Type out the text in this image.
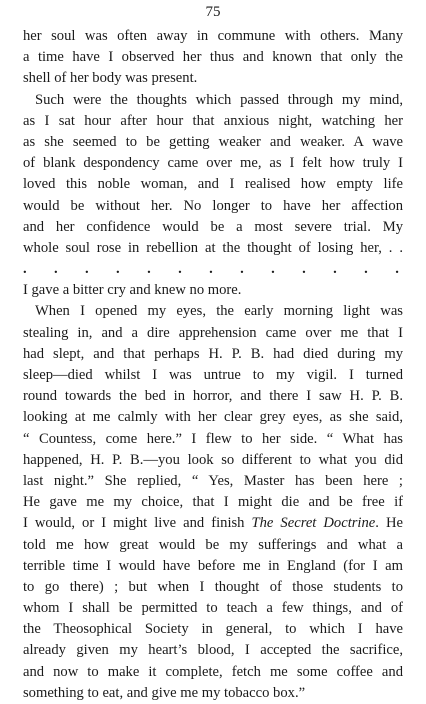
75
her soul was often away in commune with others. Many
a time have I observed her thus and known that only the
shell of her body was present.
Such were the thoughts which passed through my mind,
as I sat hour after hour that anxious night, watching her
as she seemed to be getting weaker and weaker. A wave
of blank despondency came over me, as I felt how truly I
loved this noble woman, and I realised how empty life
would be without her. No longer to have her affection
and her confidence would be a most severe trial. My
whole soul rose in rebellion at the thought of losing her, . .
. . . . . . . . . . . . .
I gave a bitter cry and knew no more.
When I opened my eyes, the early morning light was
stealing in, and a dire apprehension came over me that I
had slept, and that perhaps H. P. B. had died during my
sleep—died whilst I was untrue to my vigil. I turned
round towards the bed in horror, and there I saw H. P. B.
looking at me calmly with her clear grey eyes, as she said,
“ Countess, come here.” I flew to her side. “ What has
happened, H. P. B.—you look so different to what you did
last night.” She replied, “ Yes, Master has been here ;
He gave me my choice, that I might die and be free if
I would, or I might live and finish The Secret Doctrine. He
told me how great would be my sufferings and what a
terrible time I would have before me in England (for I am
to go there) ; but when I thought of those students to
whom I shall be permitted to teach a few things, and of
the Theosophical Society in general, to which I have
already given my heart’s blood, I accepted the sacrifice,
and now to make it complete, fetch me some coffee and
something to eat, and give me my tobacco box.”
